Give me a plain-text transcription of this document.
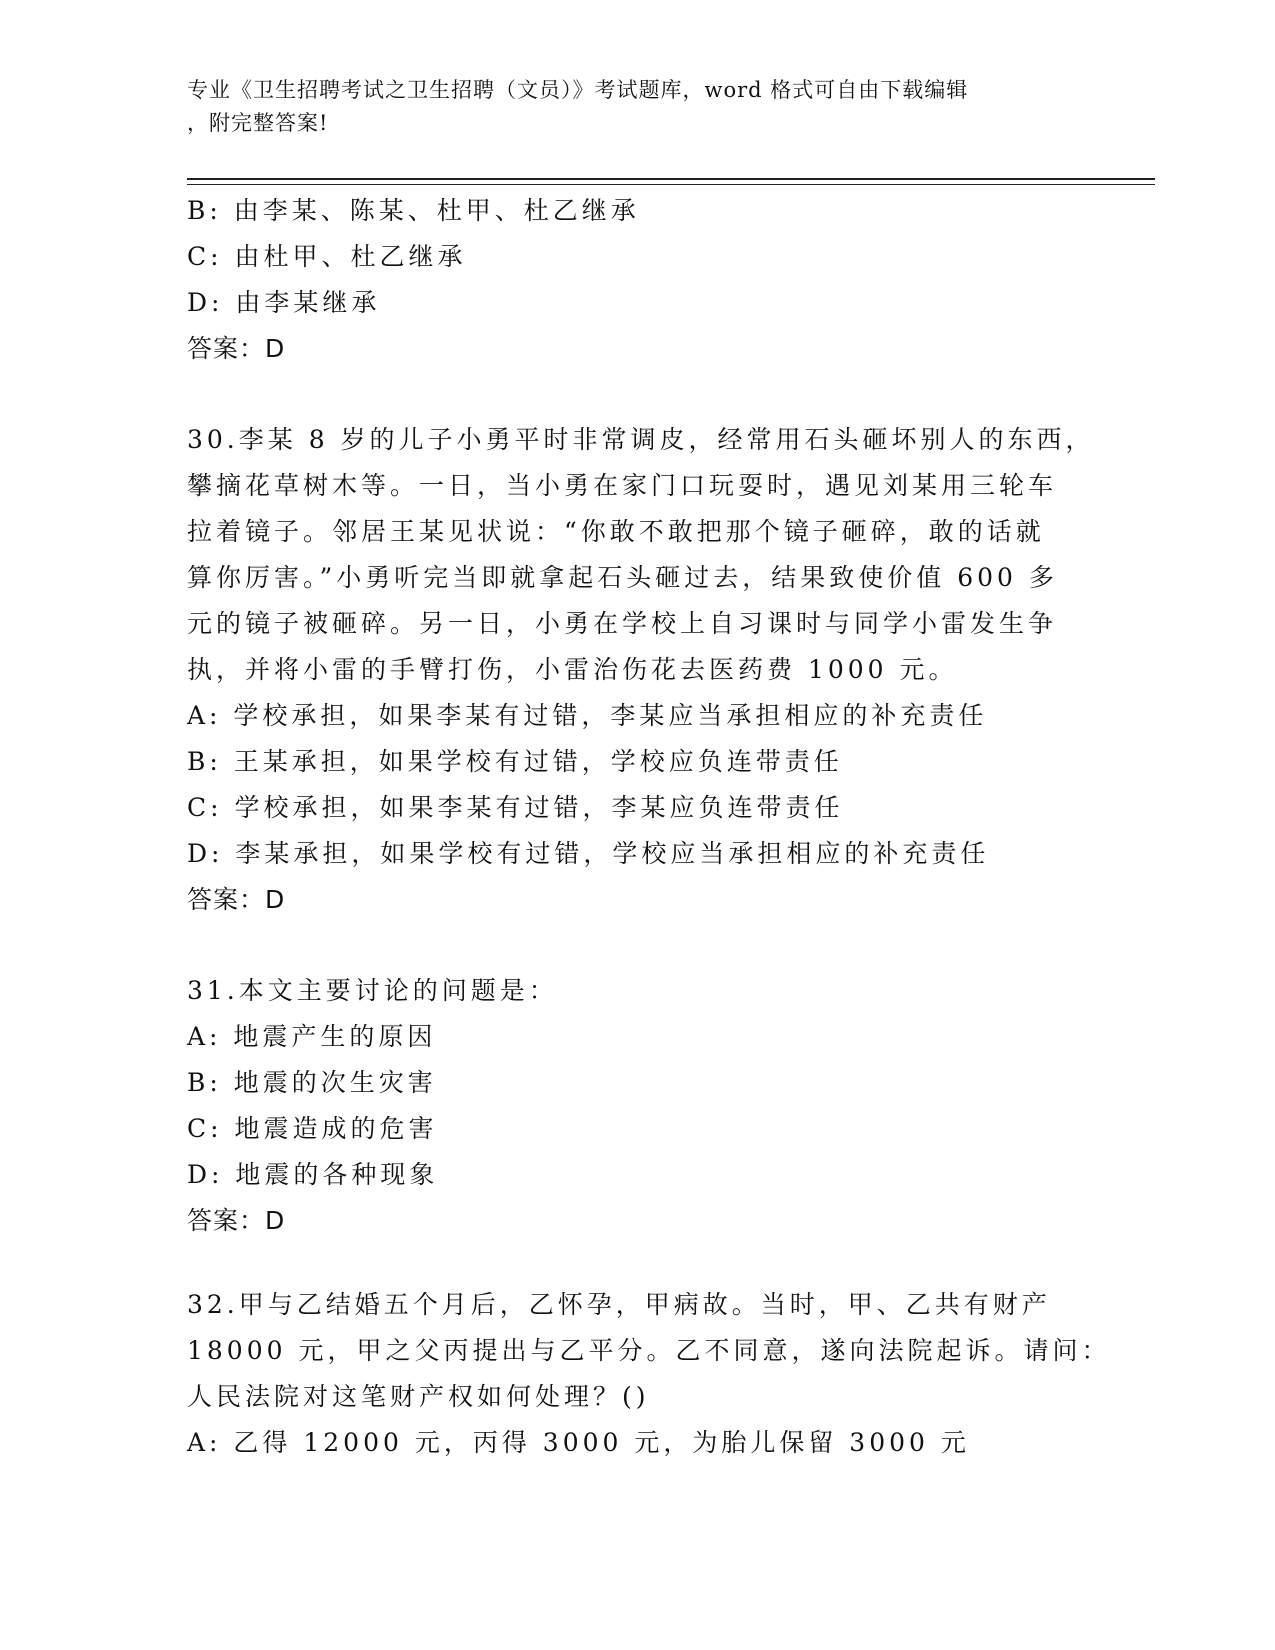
专业《卫生招聘考试之卫生招聘（文员）》考试题库，word 格式可自由下载编辑
，附完整答案!
B: 由李某、陈某、杜甲、杜乙继承
C: 由杜甲、杜乙继承
D: 由李某继承
答案：D
30.李某 8 岁的儿子小勇平时非常调皮，经常用石头砸坏别人的东西，
攀摘花草树木等。一日，当小勇在家门口玩耍时，遇见刘某用三轮车
拉着镜子。邻居王某见状说：“你敢不敢把那个镜子砸碎，敢的话就
算你厉害。”小勇听完当即就拿起石头砸过去，结果致使价值 600 多
元的镜子被砸碎。另一日，小勇在学校上自习课时与同学小雷发生争
执，并将小雷的手臂打伤，小雷治伤花去医药费 1000 元。
A: 学校承担，如果李某有过错，李某应当承担相应的补充责任
B: 王某承担，如果学校有过错，学校应负连带责任
C: 学校承担，如果李某有过错，李某应负连带责任
D: 李某承担，如果学校有过错，学校应当承担相应的补充责任
答案：D
31.本文主要讨论的问题是：
A: 地震产生的原因
B: 地震的次生灾害
C: 地震造成的危害
D: 地震的各种现象
答案：D
32.甲与乙结婚五个月后，乙怀孕，甲病故。当时，甲、乙共有财产
18000 元，甲之父丙提出与乙平分。乙不同意，遂向法院起诉。请问：
人民法院对这笔财产权如何处理？()
A: 乙得 12000 元，丙得 3000 元，为胎儿保留 3000 元
